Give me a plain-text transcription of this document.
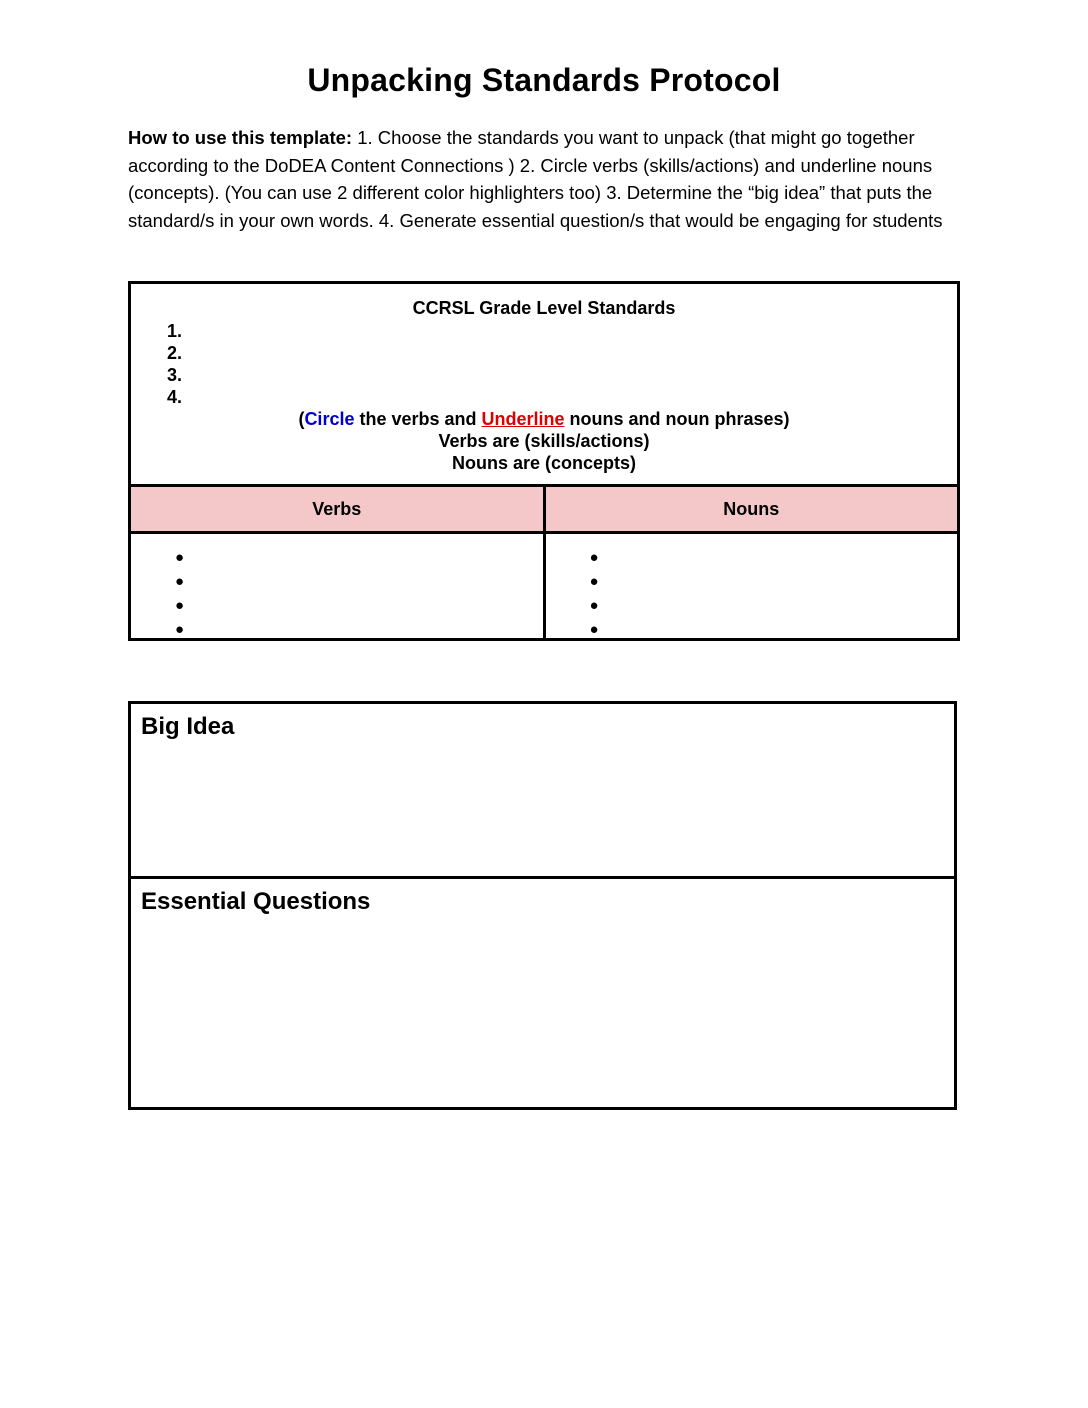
Unpacking Standards Protocol
How to use this template: 1. Choose the standards you want to unpack (that might go together according to the DoDEA Content Connections ) 2. Circle verbs (skills/actions) and underline nouns (concepts). (You can use 2 different color highlighters too) 3. Determine the “big idea” that puts the standard/s in your own words. 4. Generate essential question/s that would be engaging for students
CCRSL Grade Level Standards
1.
2.
3.
4.
(Circle the verbs and Underline nouns and noun phrases)
Verbs are (skills/actions)
Nouns are (concepts)
Verbs	Nouns
●
●
●
●
●
●
●
●
Big Idea
Essential Questions
